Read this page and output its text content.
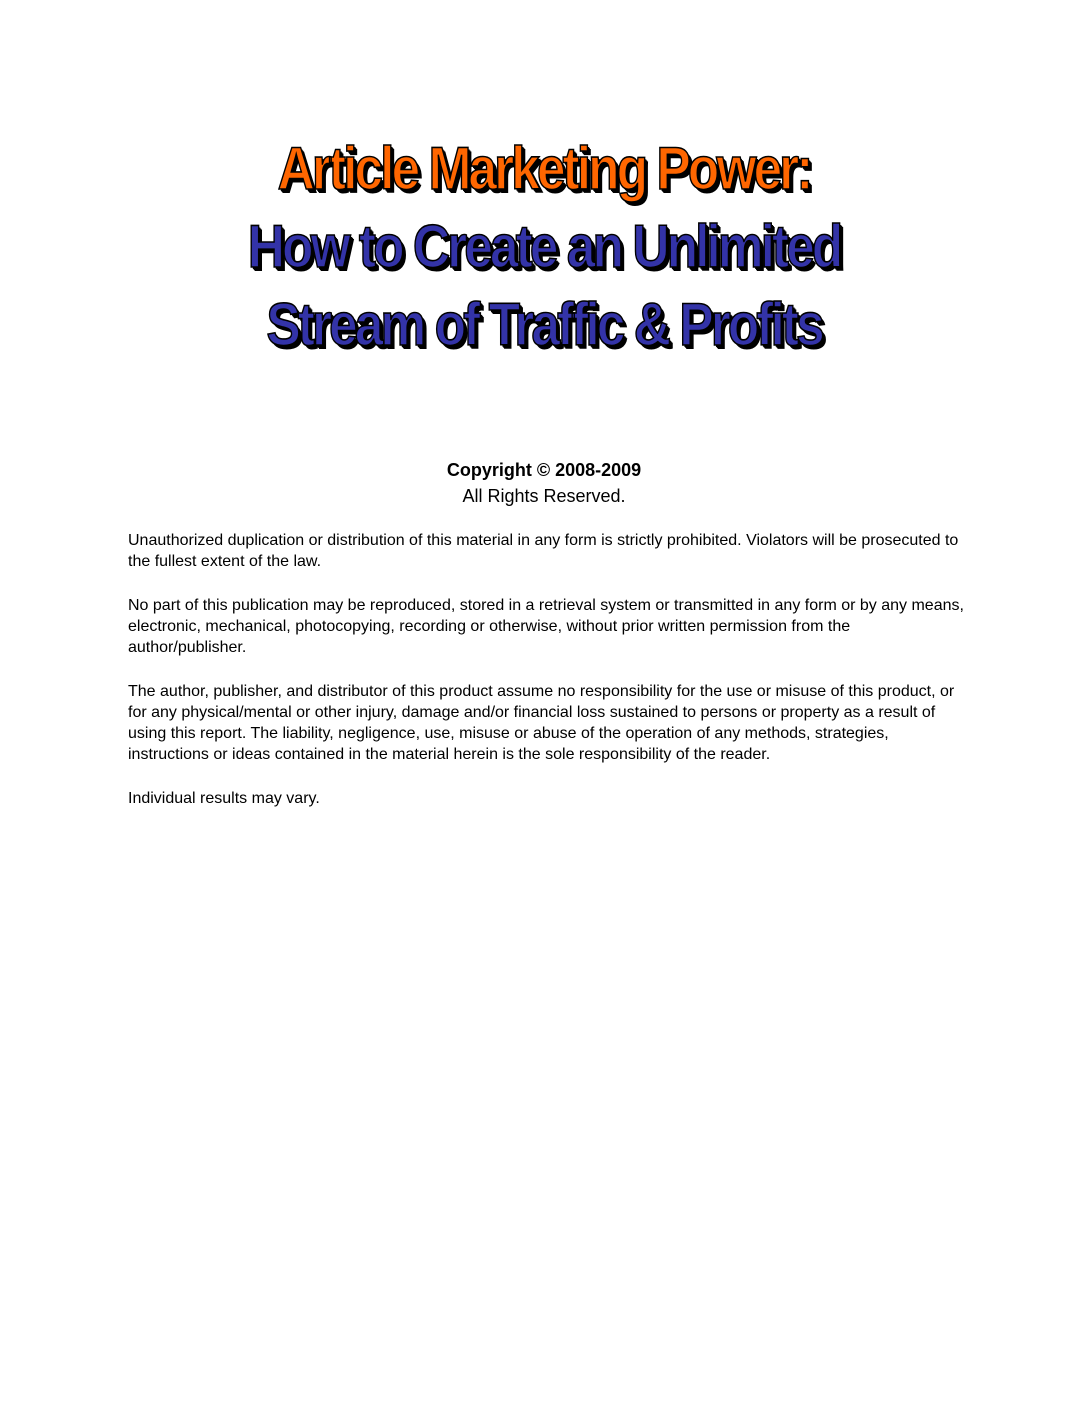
Article Marketing Power:
How to Create an Unlimited
Stream of Traffic & Profits
Copyright © 2008-2009
All Rights Reserved.

Unauthorized duplication or distribution of this material in any form is strictly prohibited. Violators will be prosecuted to the fullest extent of the law.

No part of this publication may be reproduced, stored in a retrieval system or transmitted in any form or by any means, electronic, mechanical, photocopying, recording or otherwise, without prior written permission from the author/publisher.

The author, publisher, and distributor of this product assume no responsibility for the use or misuse of this product, or for any physical/mental or other injury, damage and/or financial loss sustained to persons or property as a result of using this report. The liability, negligence, use, misuse or abuse of the operation of any methods, strategies, instructions or ideas contained in the material herein is the sole responsibility of the reader.

Individual results may vary.
